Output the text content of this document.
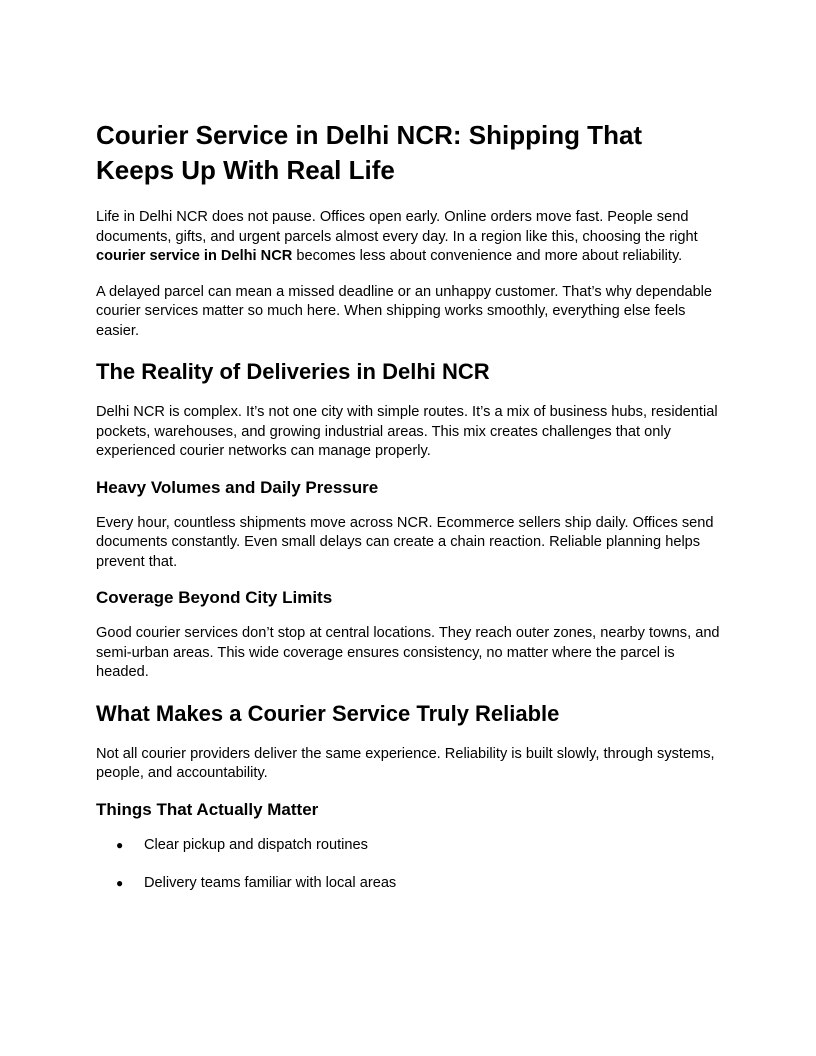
Courier Service in Delhi NCR: Shipping That Keeps Up With Real Life

Life in Delhi NCR does not pause. Offices open early. Online orders move fast. People send documents, gifts, and urgent parcels almost every day. In a region like this, choosing the right courier service in Delhi NCR becomes less about convenience and more about reliability.

A delayed parcel can mean a missed deadline or an unhappy customer. That’s why dependable courier services matter so much here. When shipping works smoothly, everything else feels easier.

The Reality of Deliveries in Delhi NCR

Delhi NCR is complex. It’s not one city with simple routes. It’s a mix of business hubs, residential pockets, warehouses, and growing industrial areas. This mix creates challenges that only experienced courier networks can manage properly.

Heavy Volumes and Daily Pressure

Every hour, countless shipments move across NCR. Ecommerce sellers ship daily. Offices send documents constantly. Even small delays can create a chain reaction. Reliable planning helps prevent that.

Coverage Beyond City Limits

Good courier services don’t stop at central locations. They reach outer zones, nearby towns, and semi-urban areas. This wide coverage ensures consistency, no matter where the parcel is headed.

What Makes a Courier Service Truly Reliable

Not all courier providers deliver the same experience. Reliability is built slowly, through systems, people, and accountability.

Things That Actually Matter
● Clear pickup and dispatch routines
● Delivery teams familiar with local areas
